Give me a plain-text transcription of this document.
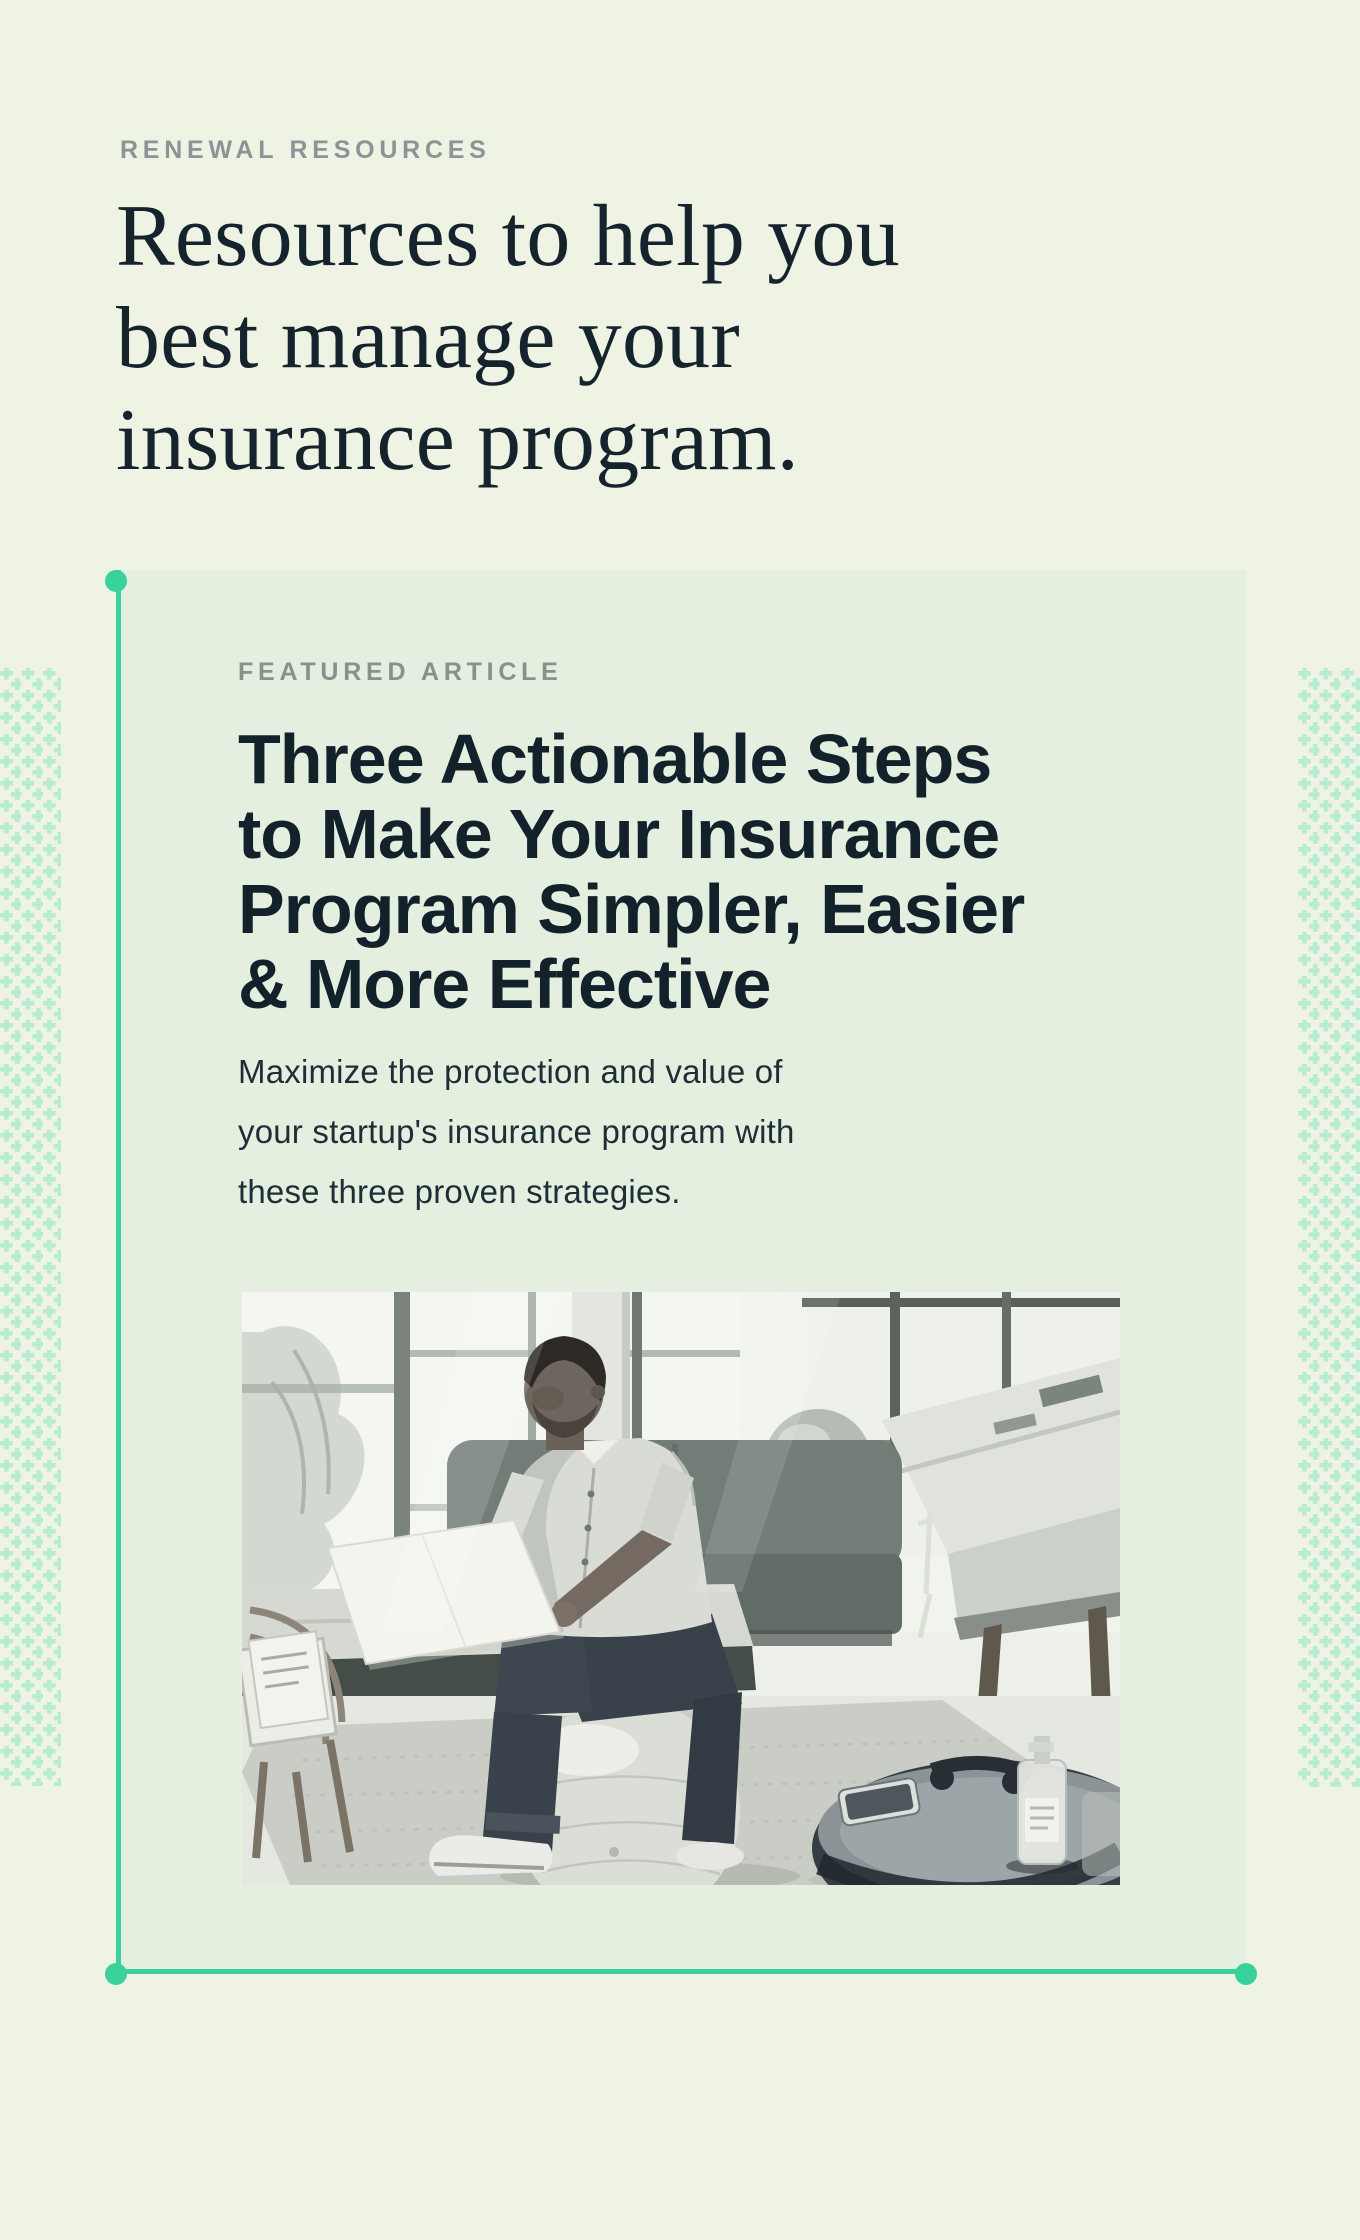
RENEWAL RESOURCES

Resources to help you
best manage your
insurance program.

FEATURED ARTICLE

Three Actionable Steps
to Make Your Insurance
Program Simpler, Easier
& More Effective

Maximize the protection and value of
your startup's insurance program with
these three proven strategies.
